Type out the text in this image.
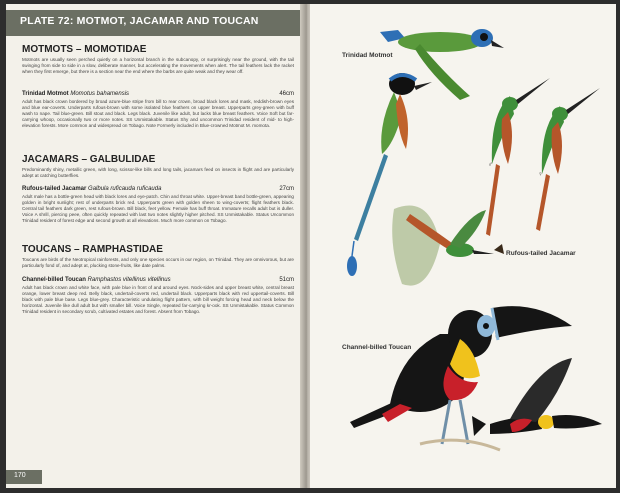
PLATE 72: MOTMOT, JACAMAR AND TOUCAN
MOTMOTS – MOMOTIDAE
Motmots are usually seen perched quietly on a horizontal branch in the subcanopy, or surprisingly near the ground, with the tail swinging from side to side in a slow, deliberate manner, but accelerating the movements when alert. The tail feathers lack the racket when they first emerge, but there is a section near the end where the barbs are quite weak and they wear off.
Trinidad Motmot Momotus bahamensis	46cm
Adult has black crown bordered by broad azure-blue stripe from bill to rear crown, broad black lores and mask, reddish-brown eyes and blue ear-coverts. Underparts rufous-brown with some isolated blue feathers on upper breast. Upperparts grey-green with buff wash to nape. Tail blue-green. Bill stout and black. Legs black. Juvenile like adult, but lacks blue breast feathers. Voice Soft but far-carrying whoop, occasionally two or more notes. SS Unmistakable. Status Shy and uncommon Trinidad resident of mid- to high-elevation forests. More common and widespread on Tobago. Note Formerly included in Blue-crowned Motmot M. momota.
JACAMARS – GALBULIDAE
Predominantly shiny, metallic green, with long, scissor-like bills and long tails, jacamars feed on insects in flight and are particularly adept at catching butterflies.
Rufous-tailed Jacamar Galbula ruficauda ruficauda	27cm
Adult male has a bottle-green head with black lores and eye-patch. Chin and throat white. Upper-breast band bottle-green, appearing golden in bright sunlight; rest of underparts brick red. Upperparts green with golden sheen to wing-coverts; flight feathers black. Central tail feathers dark green, rest rufous-brown. Bill black, feet yellow. Female has buff throat. Immature recalls adult but is duller. Voice A shrill, piercing peee, often quickly repeated with last two notes slightly higher pitched. SS Unmistakable. Status Uncommon Trinidad resident of forest edge and second growth at all elevations. Much more common on Tobago.
TOUCANS – RAMPHASTIDAE
Toucans are birds of the Neotropical rainforests, and only one species occurs in our region, on Trinidad. They are omnivorous, but are particularly fond of, and adept at, plucking stone-fruits, like date palms.
Channel-billed Toucan Ramphastos vitellinus vitellinus	51cm
Adult has black crown and white face, with pale blue in front of and around eyes. Nock-sides and upper breast white, central breast orange, lower breast deep red. Belly black, undertail-coverts red, undertail black. Upperparts black with red uppertail-coverts. Bill black with pale blue base. Legs blue-grey. Characteristic undulating flight pattern, with bill weight forcing head and neck below the horizontal. Juvenile like dull adult but with smaller bill. Voice Single, repeated far-carrying kr-ook. SS Unmistakable. Status Common Trinidad resident in secondary scrub, cultivated estates and forest. Absent from Tobago.
170
Trinidad Motmot
♂
♀
Rufous-tailed Jacamar
Channel-billed Toucan
